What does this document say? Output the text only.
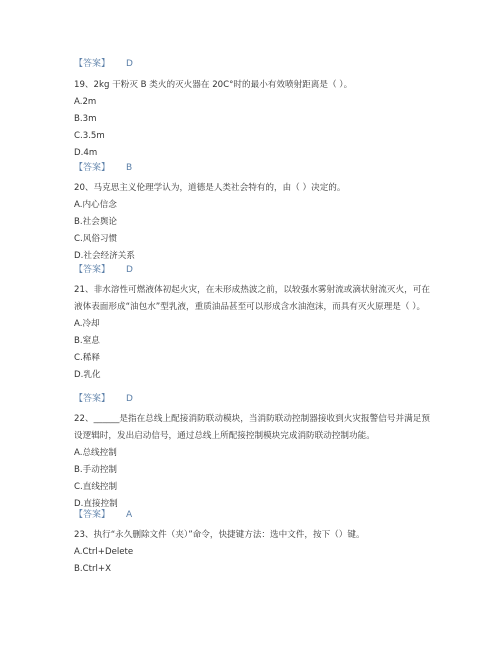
【答案】 D
19、2kg 干粉灭 B 类火的灭火器在 20C°时的最小有效喷射距离是（ ）。
A.2m
B.3m
C.3.5m
D.4m
【答案】 B
20、马克思主义伦理学认为，道德是人类社会特有的，由（ ）决定的。
A.内心信念
B.社会舆论
C.风俗习惯
D.社会经济关系
【答案】 D
21、非水溶性可燃液体初起火灾，在未形成热波之前，以较强水雾射流或滴状射流灭火，可在液体表面形成“油包水”型乳液，重质油品甚至可以形成含水油泡沫，而具有灭火原理是（ ）。
A.冷却
B.窒息
C.稀释
D.乳化
【答案】 D
22、______是指在总线上配接消防联动模块，当消防联动控制器接收到火灾报警信号并满足预设逻辑时，发出启动信号，通过总线上所配接控制模块完成消防联动控制功能。
A.总线控制
B.手动控制
C.直线控制
D.直接控制
【答案】 A
23、执行“永久删除文件（夹）”命令，快捷键方法：选中文件，按下（）键。
A.Ctrl+Delete
B.Ctrl+X
